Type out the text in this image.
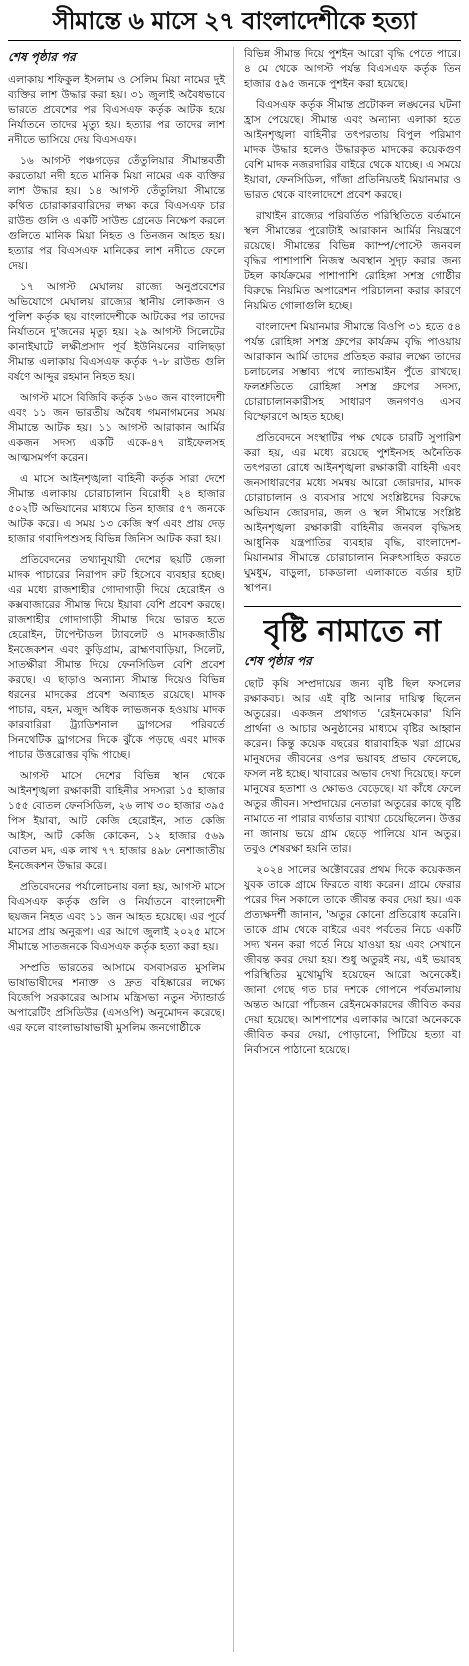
সীমান্তে ৬ মাসে ২৭ বাংলাদেশীকে হত্যা
শেষ পৃষ্ঠার পর

এলাকায় শফিকুল ইসলাম ও সেলিম মিয়া নামের দুই ব্যক্তির লাশ উদ্ধার করা হয়। ৩১ জুলাই অবৈধভাবে ভারতে প্রবেশের পর বিএসএফ কর্তৃক আটক হয়ে নির্যাতনে তাদের মৃত্যু হয়। হত্যার পর তাদের লাশ নদীতে ভাসিয়ে দেয় বিএসএফ।

১৬ আগস্ট পঞ্চগড়ের তেঁতুলিয়ার সীমান্তবর্তী করতোয়া নদী হতে মানিক মিয়া নামের এক ব্যক্তির লাশ উদ্ধার হয়। ১৪ আগস্ট তেঁতুলিয়া সীমান্তে কথিত চোরাকারবারিদের লক্ষ্য করে বিএসএফ চার রাউন্ড গুলি ও একটি সাউন্ড গ্রেনেড নিক্ষেপ করলে গুলিতে মানিক মিয়া নিহত ও তিনজন আহত হয়। হত্যার পর বিএসএফ মানিকের লাশ নদীতে ফেলে দেয়।

১৭ আগস্ট মেঘালয় রাজ্যে অনুপ্রবেশের অভিযোগে মেঘালয় রাজ্যের স্থানীয় লোকজন ও পুলিশ কর্তৃক ছয় বাংলাদেশীকে আটকের পর তাদের নির্যাতনে দু'জনের মৃত্যু হয়। ২৯ আগস্ট সিলেটের কানাইঘাটে লক্ষীপ্রসাদ পূর্ব ইউনিয়নের বালিছড়া সীমান্ত এলাকায় বিএসএফ কর্তৃক ৭-৮ রাউন্ড গুলি বর্ষণে আব্দুর রহমান নিহত হয়।

আগস্ট মাসে বিজিবি কর্তৃক ১৬০ জন বাংলাদেশী এবং ১১ জন ভারতীয় অবৈধ গমনাগমনের সময় সীমান্তে আটক হয়। ১১ আগস্ট আরাকান আর্মির একজন সদস্য একটি একে-৪৭ রাইফেলসহ আত্মসমর্পণ করেন।

এ মাসে আইনশৃঙ্খলা বাহিনী কর্তৃক সারা দেশে সীমান্ত এলাকায় চোরাচালান বিরোধী ২৪ হাজার ৫০২টি অভিযানের মাধ্যমে তিন হাজার ৫৭ জনকে আটক করে। এ সময় ১৩ কেজি স্বর্ণ এবং প্রায় দেড় হাজার গবাদিপশুসহ বিভিন্ন জিনিস আটক করা হয়।

প্রতিবেদনের তথ্যানুযায়ী দেশের ছয়টি জেলা মাদক পাচারের নিরাপদ রুট হিসেবে ব্যবহার হচ্ছে। এর মধ্যে রাজশাহীর গোদাগাড়ী দিয়ে হেরোইন ও কক্সবাজারের সীমান্ত দিয়ে ইয়াবা বেশি প্রবেশ করছে। রাজশাহীর গোদাগাড়ী সীমান্ত দিয়ে ভারত হতে হেরোইন, টাপেন্টাডল ট্যাবলেট ও মাদকজাতীয় ইনজেকশন এবং কুড়িগ্রাম, ব্রাহ্মণবাড়িয়া, সিলেট, সাতক্ষীরা সীমান্ত দিয়ে ফেনসিডিল বেশি প্রবেশ করছে। এ ছাড়াও অন্যান্য সীমান্ত দিয়েও বিভিন্ন ধরনের মাদকের প্রবেশ অব্যাহত রয়েছে। মাদক পাচার, বহন, মজুদ অধিক লাভজনক হওয়ায় মাদক কারবারিরা ট্র্যাডিশনাল ড্রাগসের পরিবর্তে সিনথেটিক ড্রাগসের দিকে ঝুঁকে পড়ছে এবং মাদক পাচার উত্তরোত্তর বৃদ্ধি পাচ্ছে।

আগস্ট মাসে দেশের বিভিন্ন স্থান থেকে আইনশৃঙ্খলা রক্ষাকারী বাহিনীর সদস্যরা ১৫ হাজার ১৫৫ বোতল ফেনসিডিল, ২৬ লাখ ৩০ হাজার ৩৯৫ পিস ইয়াবা, আট কেজি হেরোইন, সাত কেজি আইস, আট কেজি কোকেন, ১২ হাজার ৫৬৯ বোতল মদ, এক লাখ ৭৭ হাজার ৪৯৮ নেশাজাতীয় ইনজেকশন উদ্ধার করে।

প্রতিবেদনের পর্যালোচনায় বলা হয়, আগস্ট মাসে বিএসএফ কর্তৃক গুলি ও নির্যাতনে বাংলাদেশী ছয়জন নিহত এবং ১১ জন আহত হয়েছে। এর পূর্বে মাসের প্রায় অনুরূপ। এর আগে জুলাই ২০২৫ মাসে সীমান্তে সাতজনকে বিএসএফ কর্তৃক হত্যা করা হয়।

সম্প্রতি ভারতের আসামে বসবাসরত মুসলিম ভাষাভাষীদের শনাক্ত ও দ্রুত বহিষ্কারের লক্ষ্যে বিজেপি সরকারের আসাম মন্ত্রিসভা নতুন স্ট্যান্ডার্ড অপারেটিং প্রসিডিউর (এসওপি) অনুমোদন করেছে। এর ফলে বাংলাভাষাভাষী মুসলিম জনগোষ্ঠীকে

বিভিন্ন সীমান্ত দিয়ে পুশইন আরো বৃদ্ধি পেতে পারে। ৪ মে থেকে আগস্ট পর্যন্ত বিএসএফ কর্তৃক তিন হাজার ৫৯৫ জনকে পুশইন করা হয়েছে।

বিএসএফ কর্তৃক সীমান্ত প্রটোকল লঙ্ঘনের ঘটনা হ্রাস পেয়েছে। সীমান্ত এবং অন্যান্য এলাকা হতে আইনশৃঙ্খলা বাহিনীর তৎপরতায় বিপুল পরিমাণ মাদক উদ্ধার হলেও উদ্ধারকৃত মাদকের কয়েকগুণ বেশি মাদক নজরদারির বাইরে থেকে যাচ্ছে। এ সময়ে ইয়াবা, ফেনসিডিল, গাঁজা প্রতিনিয়তই মিয়ানমার ও ভারত থেকে বাংলাদেশে প্রবেশ করছে।

রাখাইন রাজ্যের পরিবর্তিত পরিস্থিতিতে বর্তমানে স্থল সীমান্তের পুরোটাই আরাকান আর্মির নিয়ন্ত্রণে রয়েছে। সীমান্তের বিভিন্ন ক্যাম্প/পোস্টে জনবল বৃদ্ধির পাশাপাশি নিজস্ব অবস্থান সুদৃঢ় করার জন্য টহল কার্যক্রমের পাশাপাশি রোহিঙ্গা সশস্ত্র গোষ্ঠীর বিরুদ্ধে নিয়মিত অপারেশন পরিচালনা করার কারণে নিয়মিত গোলাগুলি হচ্ছে।

বাংলাদেশ মিয়ানমার সীমান্তে বিওপি ৩১ হতে ৫৪ পর্যন্ত রোহিঙ্গা সশস্ত্র গ্রুপের কার্যক্রম বৃদ্ধি পাওয়ায় আরাকান আর্মি তাদের প্রতিহত করার লক্ষ্যে তাদের চলাচলের সম্ভাব্য পথে ল্যান্ডমাইন পুঁতে রাখছে। ফলশ্রুতিতে রোহিঙ্গা সশস্ত্র গ্রুপের সদস্য, চোরাচালানকারীসহ সাধারণ জনগণও এসব বিস্ফোরণে আহত হচ্ছে।

প্রতিবেদনে সংস্থাটির পক্ষ থেকে চারটি সুপারিশ করা হয়, এর মধ্যে রয়েছে পুশইনসহ অনৈতিক তৎপরতা রোধে আইনশৃঙ্খলা রক্ষাকারী বাহিনী এবং জনসাধারণের মধ্যে সমন্বয় আরো জোরদার, মাদক চোরাচালান ও ব্যবসার সাথে সংশ্লিষ্টদের বিরুদ্ধে অভিযান জোরদার, জল ও স্থল সীমান্তে সংশ্লিষ্ট আইনশৃঙ্খলা রক্ষাকারী বাহিনীর জনবল বৃদ্ধিসহ আধুনিক যন্ত্রপাতির ব্যবহার বৃদ্ধি, বাংলাদেশ-মিয়ানমার সীমান্তে চোরাচালান নিরুৎসাহিত করতে ঘুমধুম, বাড়ুলা, চাকডালা এলাকাতে বর্ডার হাট স্থাপন।

বৃষ্টি নামাতে না
শেষ পৃষ্ঠার পর

ছোট কৃষি সম্প্রদায়ের জন্য বৃষ্টি ছিল ফসলের রক্ষাকবচ। আর এই বৃষ্টি আনার দায়িত্ব ছিলেন অতুরের। একজন প্রথাগত 'রেইনমেকার' যিনি প্রার্থনা ও আচার অনুষ্ঠানের মাধ্যমে বৃষ্টির আহ্বান করেন। কিন্তু কয়েক বছরের ধারাবাহিক খরা গ্রামের মানুষদের জীবনের ওপর ভয়াবহ প্রভাব ফেলেছে, ফসল নষ্ট হচ্ছে। খাবারের অভাব দেখা দিয়েছে। ফলে মানুষের হতাশা ও ক্ষোভও বেড়েছে। যা কাঁধে ফেলে অতুর জীবন। সম্প্রদায়ের নেতারা অতুরের কাছে বৃষ্টি নামাতে না পারার ব্যর্থতার ব্যাখ্যা চেয়েছিলেন। উত্তর না জানায় ভয়ে গ্রাম ছেড়ে পালিয়ে যান অতুর। তবুও শেষরক্ষা হয়নি তার।

২০২৪ সালের অক্টোবরের প্রথম দিকে কয়েকজন যুবক তাকে গ্রামে ফিরতে বাধ্য করেন। গ্রামে ফেরার পরের দিন সকালে তাকে জীবন্ত কবর দেয়া হয়। এক প্রত্যক্ষদর্শী জানান, 'অতুর কোনো প্রতিরোধ করেনি। তাকে গ্রাম থেকে বাইরে এবং পর্বতের নিচে একটি সদ্য খনন করা গর্তে নিয়ে যাওয়া হয় এবং সেখানে জীবন্ত কবর দেয়া হয়। শুধু অতুরই নয়, এই ভয়াবহ পরিস্থিতির মুখোমুখি হয়েছেন আরো অনেকেই। জানা গেছে গত চার দশকে গোপনে পর্বতমালায় অন্তত আরো পাঁচজন রেইনমেকারদের জীবিত কবর দেয়া হয়েছে। আশপাশের এলাকার আরো অনেককে জীবিত কবর দেয়া, পোড়ানো, পিটিয়ে হত্যা বা নির্বাসনে পাঠানো হয়েছে।
